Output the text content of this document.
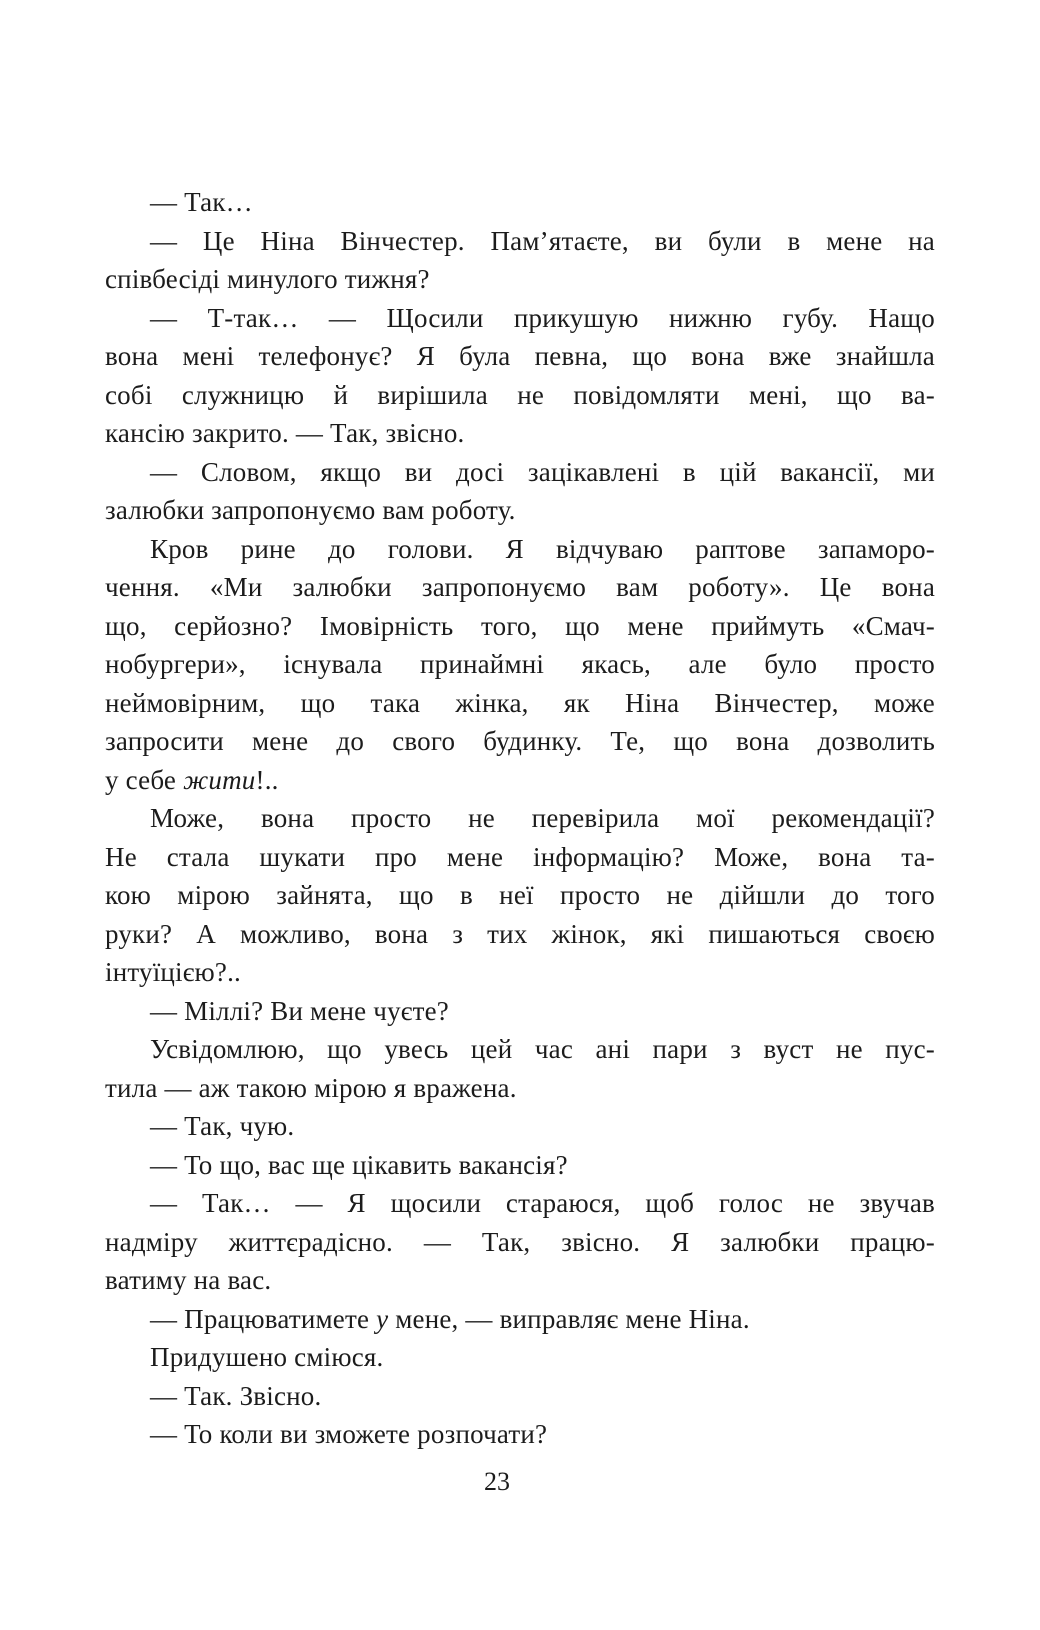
— Так…
— Це Ніна Вінчестер. Пам’ятаєте, ви були в мене на
співбесіді минулого тижня?
— Т-так… — Щосили прикушую нижню губу. Нащо
вона мені телефонує? Я була певна, що вона вже знайшла
собі служницю й вирішила не повідомляти мені, що ва-
кансію закрито. — Так, звісно.
— Словом, якщо ви досі зацікавлені в цій вакансії, ми
залюбки запропонуємо вам роботу.
Кров рине до голови. Я відчуваю раптове запаморо-
чення. «Ми залюбки запропонуємо вам роботу». Це вона
що, серйозно? Імовірність того, що мене приймуть «Смач-
нобургери», існувала принаймні якась, але було просто
неймовірним, що така жінка, як Ніна Вінчестер, може
запросити мене до свого будинку. Те, що вона дозволить
у себе жити!..
Може, вона просто не перевірила мої рекомендації?
Не стала шукати про мене інформацію? Може, вона та-
кою мірою зайнята, що в неї просто не дійшли до того
руки? А можливо, вона з тих жінок, які пишаються своєю
інтуїцією?..
— Міллі? Ви мене чуєте?
Усвідомлюю, що увесь цей час ані пари з вуст не пус-
тила — аж такою мірою я вражена.
— Так, чую.
— То що, вас ще цікавить вакансія?
— Так… — Я щосили стараюся, щоб голос не звучав
надміру життєрадісно. — Так, звісно. Я залюбки працю-
ватиму на вас.
— Працюватимете у мене, — виправляє мене Ніна.
Придушено сміюся.
— Так. Звісно.
— То коли ви зможете розпочати?
23
